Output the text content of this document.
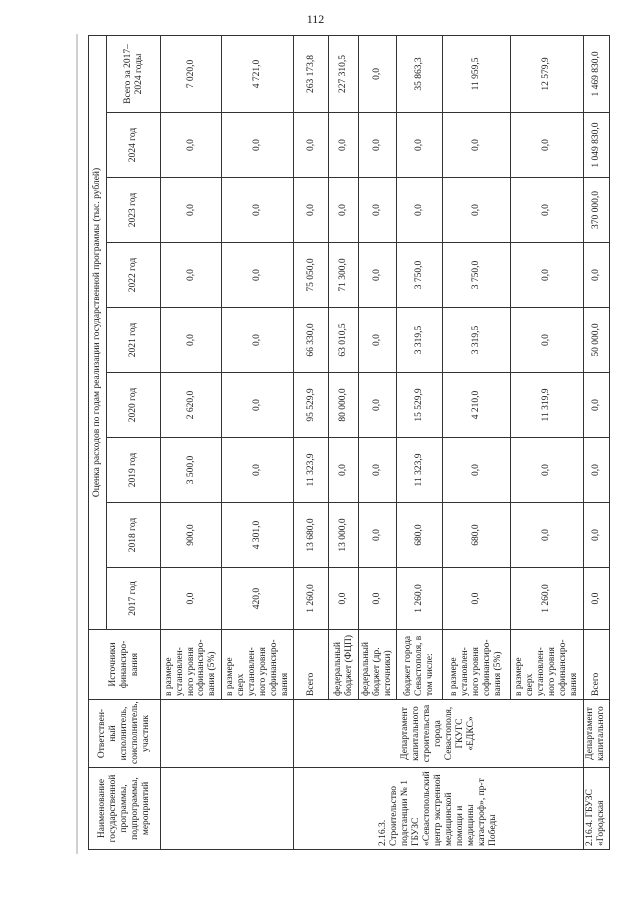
112
Наименование государственной программы, подпрограммы, мероприятий	Ответствен-ный исполнитель, соисполнитель, участник	Источники финансиро-вания	Оценка расходов по годам реализации государственной программы (тыс. рублей)								
			2017 год	2018 год	2019 год	2020 год	2021 год	2022 год	2023 год	2024 год	Всего за 2017–2024 годы
		в размере установлен-ного уровня софинансиро-вания (5%)	0,0	900,0	3 500,0	2 620,0	0,0	0,0	0,0	0,0	7 020,0
		в размере сверх установлен-ного уровня софинансиро-вания	420,0	4 301,0	0,0	0,0	0,0	0,0	0,0	0,0	4 721,0
2.16.3. Строительство подстанции № 1 ГБУЗС «Севастопольский центр экстренной медицинской помощи и медицины катастроф», пр-т Победы	Департамент капитального строительства города Севастополя, ГКУГС «ЕДКС»	Всего	1 260,0	13 680,0	11 323,9	95 529,9	66 330,0	75 050,0	0,0	0,0	263 173,8
		федеральный бюджет (ФЦП)	0,0	13 000,0	0,0	80 000,0	63 010,5	71 300,0	0,0	0,0	227 310,5
		федеральный бюджет (др. источники)	0,0	0,0	0,0	0,0	0,0	0,0	0,0	0,0	0,0
		бюджет города Севастополя, в том числе:	1 260,0	680,0	11 323,9	15 529,9	3 319,5	3 750,0	0,0	0,0	35 863,3
		в размере установлен-ного уровня софинансиро-вания (5%)	0,0	680,0	0,0	4 210,0	3 319,5	3 750,0	0,0	0,0	11 959,5
		в размере сверх установлен-ного уровня софинансиро-вания	1 260,0	0,0	0,0	11 319,9	0,0	0,0	0,0	0,0	12 579,9
2.16.4. ГБУЗС «Городская	Департамент капитального	Всего	0,0	0,0	0,0	0,0	50 000,0	0,0	370 000,0	1 049 830,0	1 469 830,0
